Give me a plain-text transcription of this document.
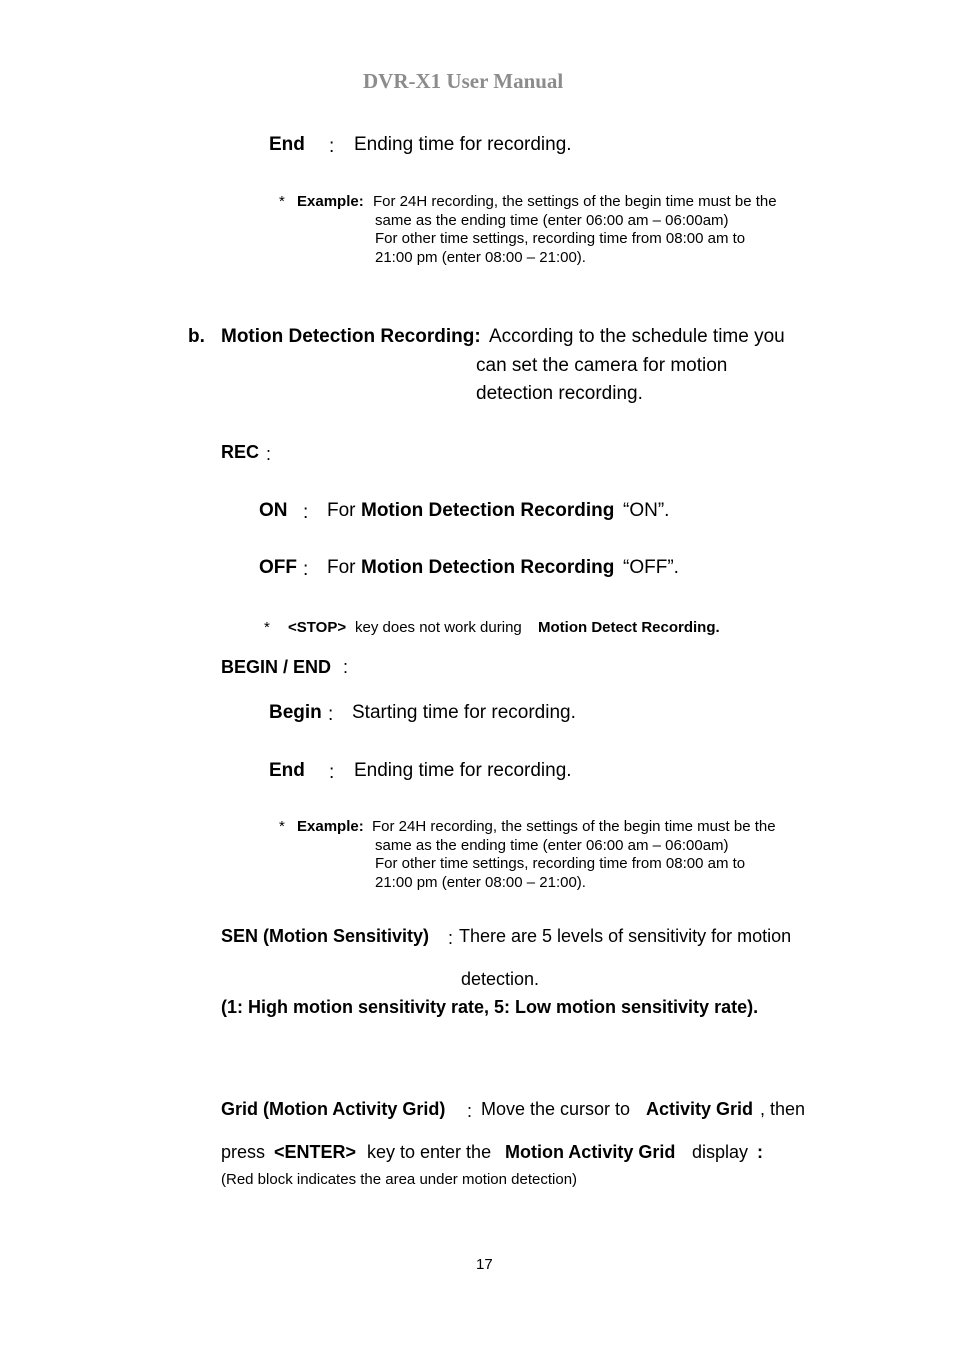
DVR-X1 User Manual
End : Ending time for recording.
* Example: For 24H recording, the settings of the begin time must be the
same as the ending time (enter 06:00 am – 06:00am)
For other time settings, recording time from 08:00 am to
21:00 pm (enter 08:00 – 21:00).
b. Motion Detection Recording: According to the schedule time you
can set the camera for motion
detection recording.
REC :
ON : For Motion Detection Recording “ON”.
OFF : For Motion Detection Recording “OFF”.
* <STOP> key does not work during Motion Detect Recording.
BEGIN / END :
Begin : Starting time for recording.
End : Ending time for recording.
* Example: For 24H recording, the settings of the begin time must be the
same as the ending time (enter 06:00 am – 06:00am)
For other time settings, recording time from 08:00 am to
21:00 pm (enter 08:00 – 21:00).
SEN (Motion Sensitivity) : There are 5 levels of sensitivity for motion
detection.
(1: High motion sensitivity rate, 5: Low motion sensitivity rate).
Grid (Motion Activity Grid) : Move the cursor to Activity Grid , then
press <ENTER> key to enter the Motion Activity Grid display :
(Red block indicates the area under motion detection)
17
